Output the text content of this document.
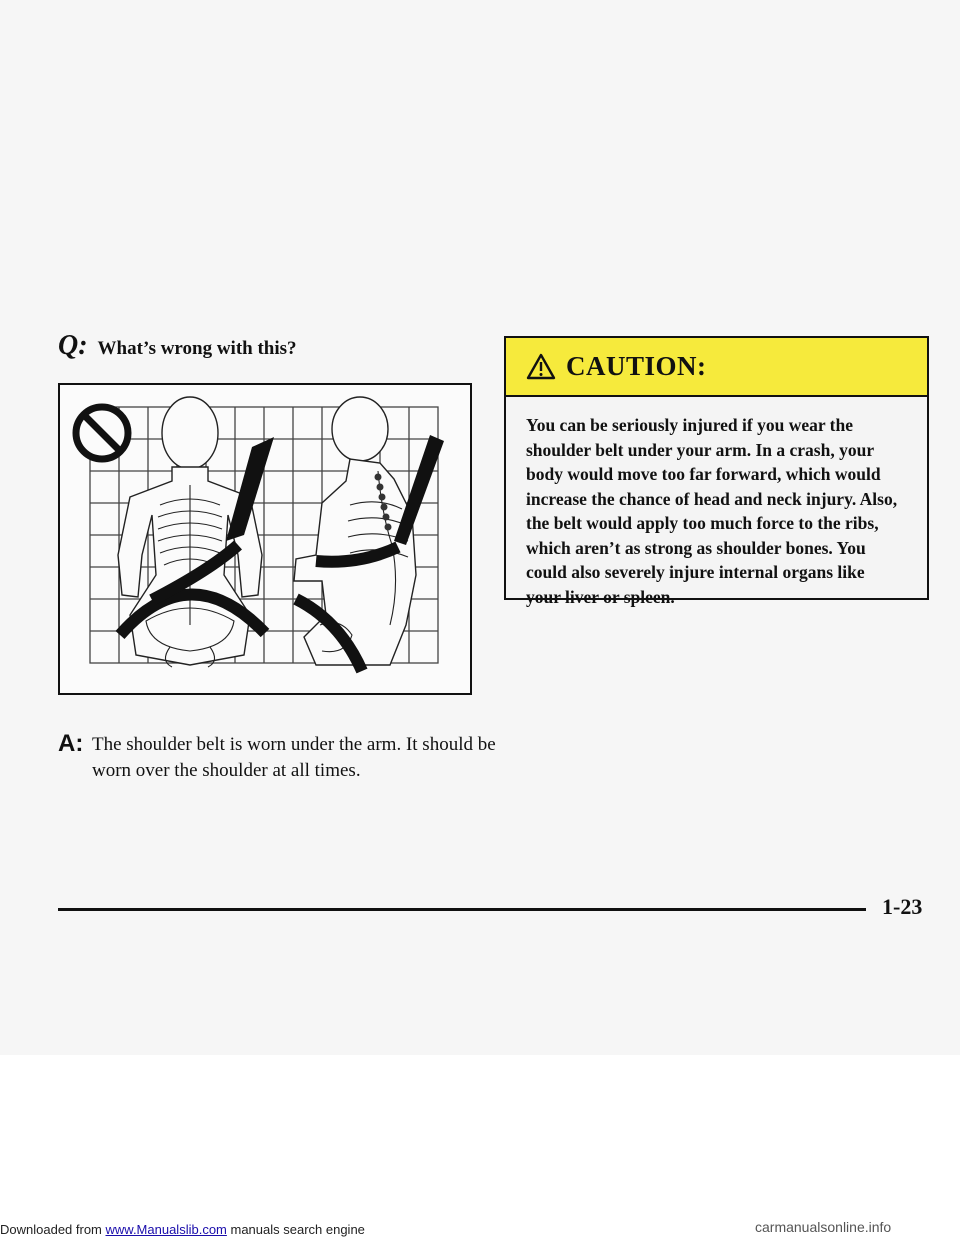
Q: What’s wrong with this?
A: The shoulder belt is worn under the arm. It should be worn over the shoulder at all times.
CAUTION:
You can be seriously injured if you wear the shoulder belt under your arm. In a crash, your body would move too far forward, which would increase the chance of head and neck injury. Also, the belt would apply too much force to the ribs, which aren’t as strong as shoulder bones. You could also severely injure internal organs like your liver or spleen.
1-23
Downloaded from www.Manualslib.com manuals search engine	carmanualsonline.info
